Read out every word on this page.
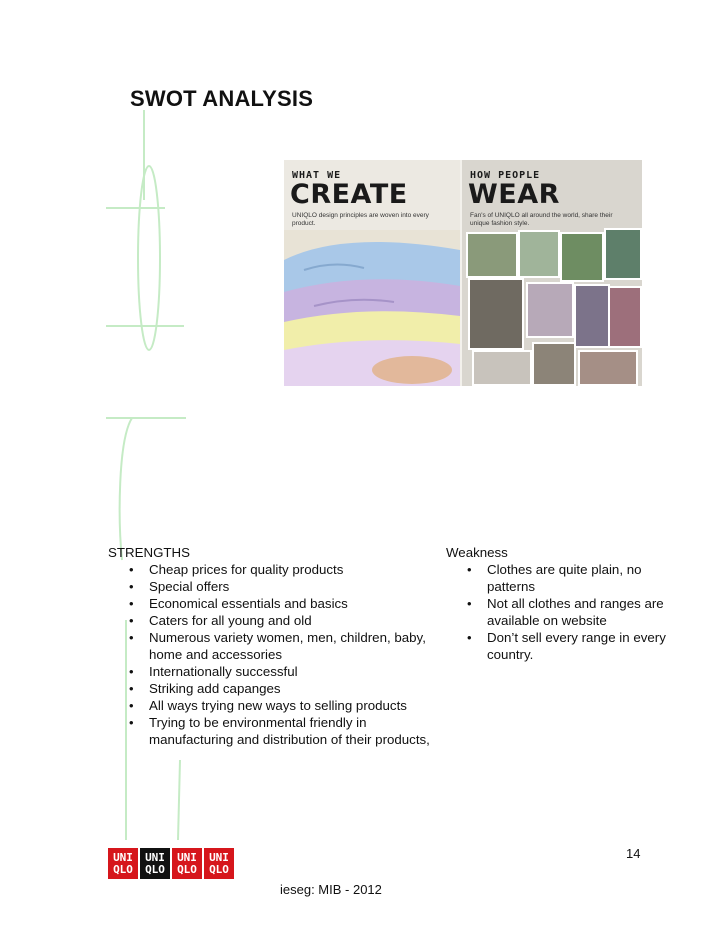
SWOT ANALYSIS
WHAT WE
CREATE
UNIQLO design principles are woven into every product.
HOW PEOPLE
WEAR
Fan's of UNIQLO all around the world, share their unique fashion style.
STRENGTHS
• Cheap prices for quality products
• Special offers
• Economical essentials and basics
• Caters for all young and old
• Numerous variety women, men, children, baby, home and accessories
• Internationally successful
• Striking add capanges
• All ways trying new ways to selling products
• Trying to be environmental friendly in manufacturing and distribution of their products,
Weakness
• Clothes are quite plain, no patterns
• Not all clothes and ranges are available on website
• Don’t sell every range in every country.
UNI
QLO
UNI
QLO
UNI
QLO
UNI
QLO
14
ieseg: MIB - 2012
